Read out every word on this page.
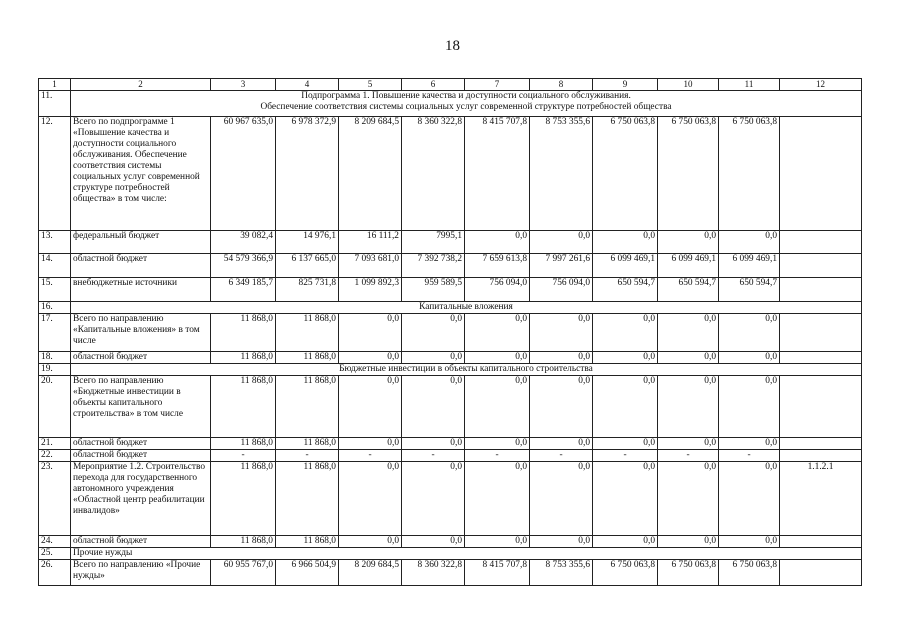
18
1	2	3	4	5	6	7	8	9	10	11	12
11.	Подпрограмма 1. Повышение качества и доступности социального обслуживания.
Обеспечение соответствия системы социальных услуг современной структуре потребностей общества										

12.	Всего по подпрограмме 1 «Повышение качества и доступности социального обслуживания. Обеспечение соответствия системы социальных услуг современной структуре потребностей общества» в том числе:	60 967 635,0	6 978 372,9	8 209 684,5	8 360 322,8	8 415 707,8	8 753 355,6	6 750 063,8	6 750 063,8	6 750 063,8	
13.	федеральный бюджет	39 082,4	14 976,1	16 111,2	7995,1	0,0	0,0	0,0	0,0	0,0	
14.	областной бюджет	54 579 366,9	6 137 665,0	7 093 681,0	7 392 738,2	7 659 613,8	7 997 261,6	6 099 469,1	6 099 469,1	6 099 469,1	
15.	внебюджетные источники	6 349 185,7	825 731,8	1 099 892,3	959 589,5	756 094,0	756 094,0	650 594,7	650 594,7	650 594,7	
16.	Капитальные вложения										

17.	Всего по направлению «Капитальные вложения» в том числе	11 868,0	11 868,0	0,0	0,0	0,0	0,0	0,0	0,0	0,0	
18.	областной бюджет	11 868,0	11 868,0	0,0	0,0	0,0	0,0	0,0	0,0	0,0	
19.	Бюджетные инвестиции в объекты капитального строительства										

20.	Всего по направлению «Бюджетные инвестиции в объекты капитального строительства» в том числе	11 868,0	11 868,0	0,0	0,0	0,0	0,0	0,0	0,0	0,0	
21.	областной бюджет	11 868,0	11 868,0	0,0	0,0	0,0	0,0	0,0	0,0	0,0	
22.	областной бюджет	-	-	-	-	-	-	-	-	-	
23.	Мероприятие 1.2. Строительство перехода для государственного автономного учреждения «Областной центр реабилитации инвалидов»	11 868,0	11 868,0	0,0	0,0	0,0	0,0	0,0	0,0	0,0	1.1.2.1
24.	областной бюджет	11 868,0	11 868,0	0,0	0,0	0,0	0,0	0,0	0,0	0,0	
25.	Прочие нужды										

26.	Всего по направлению «Прочие нужды»	60 955 767,0	6 966 504,9	8 209 684,5	8 360 322,8	8 415 707,8	8 753 355,6	6 750 063,8	6 750 063,8	6 750 063,8	
